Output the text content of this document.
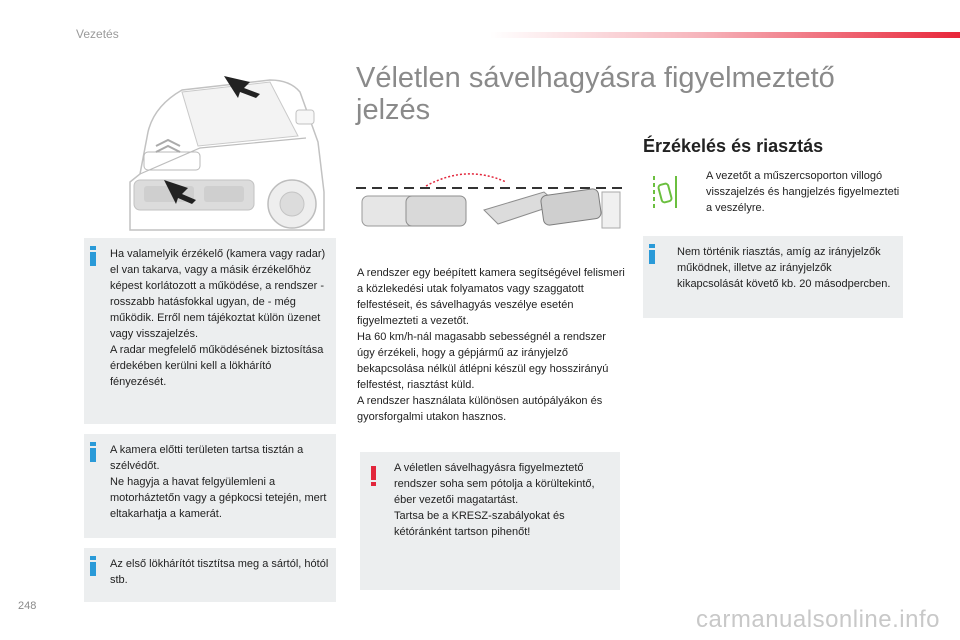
Vezetés
Véletlen sávelhagyásra figyelmeztető jelzés
Érzékelés és riasztás
Ha valamelyik érzékelő (kamera vagy radar) el van takarva, vagy a másik érzékelőhöz képest korlátozott a működése, a rendszer - rosszabb hatásfokkal ugyan, de - még működik. Erről nem tájékoztat külön üzenet vagy visszajelzés.
A radar megfelelő működésének biztosítása érdekében kerülni kell a lökhárító fényezését.
A kamera előtti területen tartsa tisztán a szélvédőt.
Ne hagyja a havat felgyülemleni a motorháztetőn vagy a gépkocsi tetején, mert eltakarhatja a kamerát.
Az első lökhárítót tisztítsa meg a sártól, hótól stb.
A rendszer egy beépített kamera segítségével felismeri a közlekedési utak folyamatos vagy szaggatott felfestéseit, és sávelhagyás veszélye esetén figyelmezteti a vezetőt.
Ha 60 km/h-nál magasabb sebességnél a rendszer úgy érzékeli, hogy a gépjármű az irányjelző bekapcsolása nélkül átlépni készül egy hosszirányú felfestést, riasztást küld.
A rendszer használata különösen autópályákon és gyorsforgalmi utakon hasznos.
A véletlen sávelhagyásra figyelmeztető rendszer soha sem pótolja a körültekintő, éber vezetői magatartást.
Tartsa be a KRESZ-szabályokat és kétóránként tartson pihenőt!
A vezetőt a műszercsoporton villogó visszajelzés és hangjelzés figyelmezteti a veszélyre.
Nem történik riasztás, amíg az irányjelzők működnek, illetve az irányjelzők kikapcsolását követő kb. 20 másodpercben.
248	carmanualsonline.info
